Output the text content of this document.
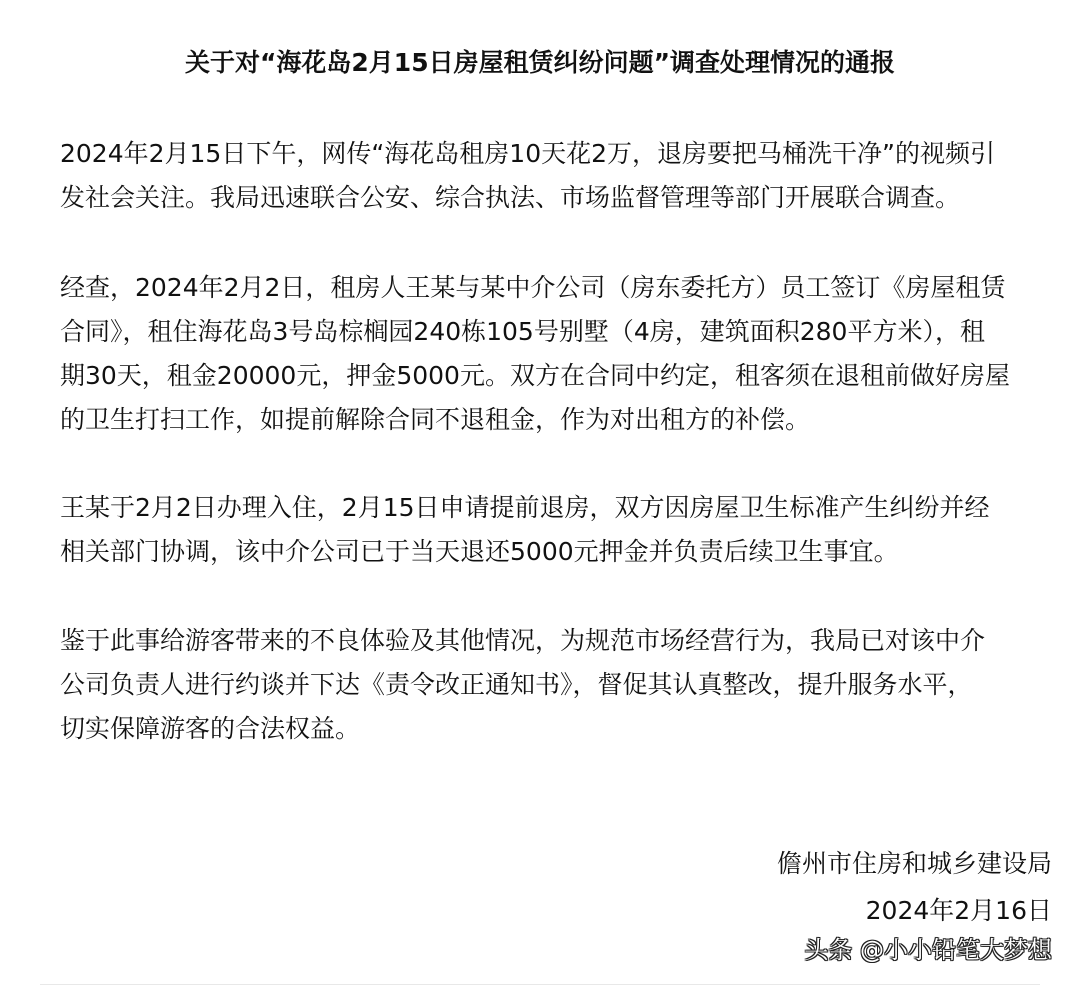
关于对“海花岛2月15日房屋租赁纠纷问题”调查处理情况的通报
2024年2月15日下午，网传“海花岛租房10天花2万，退房要把马桶洗干净”的视频引
发社会关注。我局迅速联合公安、综合执法、市场监督管理等部门开展联合调查。
经查，2024年2月2日，租房人王某与某中介公司（房东委托方）员工签订《房屋租赁
合同》，租住海花岛3号岛棕榈园240栋105号别墅（4房，建筑面积280平方米），租
期30天，租金20000元，押金5000元。双方在合同中约定，租客须在退租前做好房屋
的卫生打扫工作，如提前解除合同不退租金，作为对出租方的补偿。
王某于2月2日办理入住，2月15日申请提前退房，双方因房屋卫生标准产生纠纷并经
相关部门协调，该中介公司已于当天退还5000元押金并负责后续卫生事宜。
鉴于此事给游客带来的不良体验及其他情况，为规范市场经营行为，我局已对该中介
公司负责人进行约谈并下达《责令改正通知书》，督促其认真整改，提升服务水平，
切实保障游客的合法权益。
儋州市住房和城乡建设局
2024年2月16日
头条 @小小铅笔大梦想
